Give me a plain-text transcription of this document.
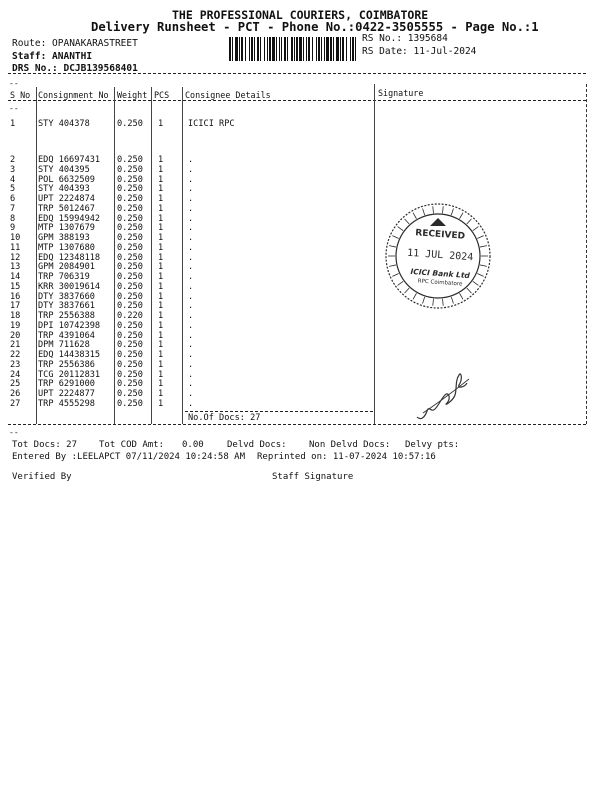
THE PROFESSIONAL COURIERS, COIMBATORE
Delivery Runsheet - PCT - Phone No.:0422-3505555 - Page No.:1
Route: OPANAKARASTREET
Staff: ANANTHI
DRS No.: DCJB139568401
RS No.: 1395684
RS Date: 11-Jul-2024
--
S No Consignment No Weight PCS Consignee Details	Signature
--
1	STY 404378	0.250 1	ICICI RPC
2	EDQ 16697431 0.250 1	.
3	STY 404395	0.250 1	.
4	POL 6632509	0.250 1	.
5	STY 404393	0.250 1	.
6	UPT 2224874	0.250 1	.
7	TRP 5012467	0.250 1	.
8	EDQ 15994942 0.250 1	.
9	MTP 1307679	0.250 1	.
10 GPM 388193	0.250 1	.
11 MTP 1307680	0.250 1	.
12 EDQ 12348118 0.250 1	.
13 GPM 2084901	0.250 1	.
14 TRP 706319	0.250 1	.
15 KRR 30019614 0.250 1	.
16 DTY 3837660	0.250 1	.
17 DTY 3837661	0.250 1	.
18 TRP 2556388	0.220 1	.
19 DPI 10742398 0.250 1	.
20 TRP 4391064	0.250 1	.
21 DPM 711628	0.250 1	.
22 EDQ 14438315 0.250 1	.
23 TRP 2556386	0.250 1	.
24 TCG 20112831 0.250 1	.
25 TRP 6291000	0.250 1	.
26 UPT 2224877	0.250 1	.
27 TRP 4555298	0.250 1	.
No.Of Docs: 27
RECEIVED
11 JUL 2024
ICICI Bank Ltd
RPC Coimbatore
--
Tot Docs: 27 Tot COD Amt: 0.00	Delvd Docs: Non Delvd Docs: Delvy pts:
Entered By :LEELAPCT 07/11/2024 10:24:58 AM Reprinted on: 11-07-2024 10:57:16
Verified By	Staff Signature
